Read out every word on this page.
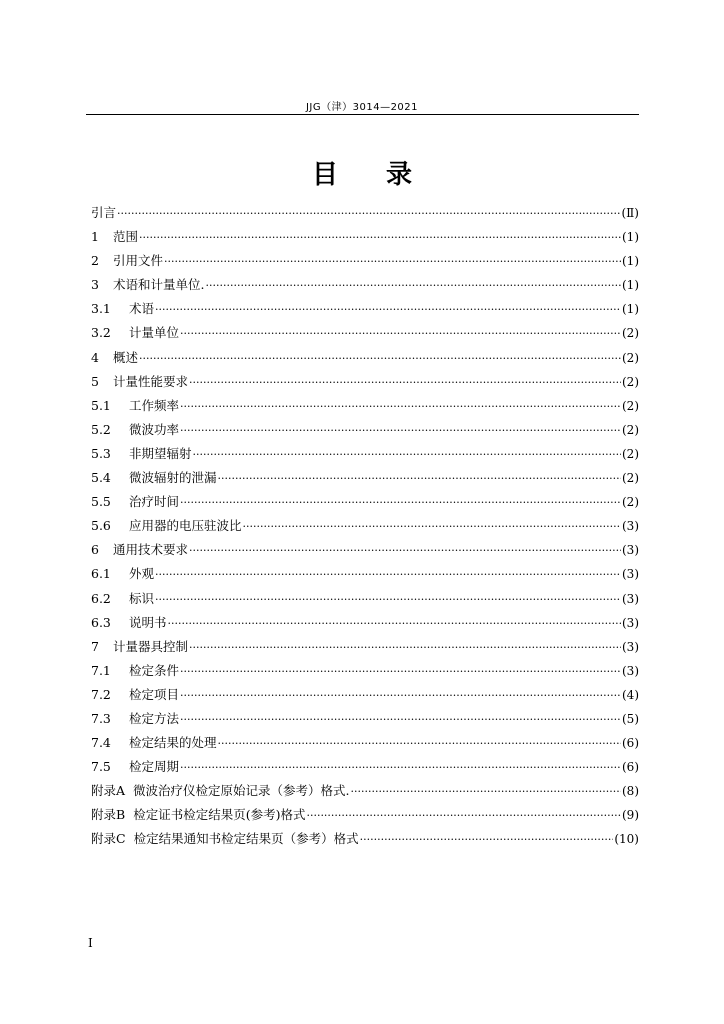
JJG（津）3014—2021
目录
引言 ·····	(Ⅱ)
1	范围 ·····	(1)
2	引用文件 ·····	(1)
3	术语和计量单位. ·····	(1)
3.1	术语 ·····	(1)
3.2	计量单位 ·····	(2)
4	概述 ·····	(2)
5	计量性能要求 ·····	(2)
5.1	工作频率 ·····	(2)
5.2	微波功率 ·····	(2)
5.3	非期望辐射 ·····	(2)
5.4	微波辐射的泄漏 ·····	(2)
5.5	治疗时间 ·····	(2)
5.6	应用器的电压驻波比 ·····	(3)
6	通用技术要求 ·····	(3)
6.1	外观 ·····	(3)
6.2	标识 ·····	(3)
6.3	说明书 ·····	(3)
7	计量器具控制 ·····	(3)
7.1	检定条件 ·····	(3)
7.2	检定项目 ·····	(4)
7.3	检定方法 ·····	(5)
7.4	检定结果的处理 ·····	(6)
7.5	检定周期 ·····	(6)
附录A 微波治疗仪检定原始记录（参考）格式. ·····	(8)
附录B 检定证书检定结果页(参考)格式 ·····	(9)
附录C 检定结果通知书检定结果页（参考）格式 ·····	(10)
I
